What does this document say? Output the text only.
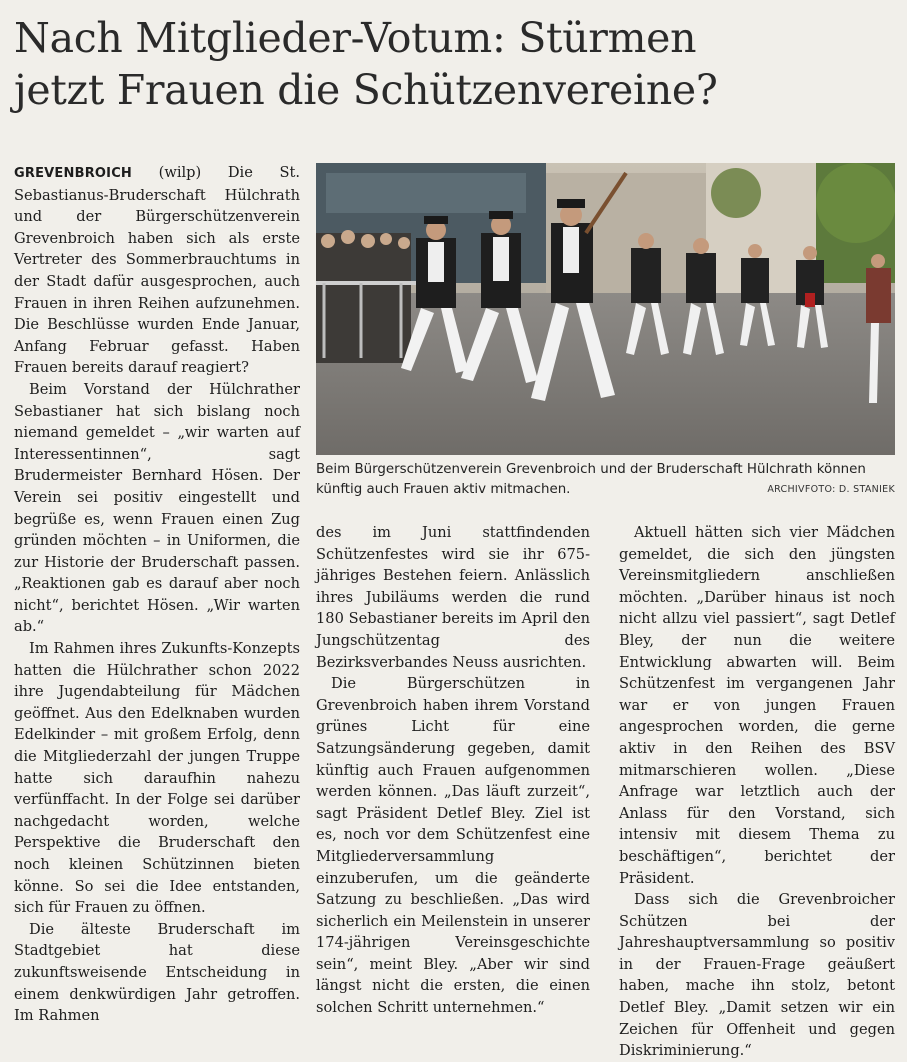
Nach Mitglieder-Votum: Stürmen
jetzt Frauen die Schützenvereine?

GREVENBROICH (wilp) Die St. Sebastianus-Bruderschaft Hülchrath und der Bürgerschützenverein Grevenbroich haben sich als erste Vertreter des Sommerbrauchtums in der Stadt dafür ausgesprochen, auch Frauen in ihren Reihen aufzunehmen. Die Beschlüsse wurden Ende Januar, Anfang Februar gefasst. Haben Frauen bereits darauf reagiert?

Beim Vorstand der Hülchrather Sebastianer hat sich bislang noch niemand gemeldet – „wir warten auf Interessentinnen“, sagt Brudermeister Bernhard Hösen. Der Verein sei positiv eingestellt und begrüße es, wenn Frauen einen Zug gründen möchten – in Uniformen, die zur Historie der Bruderschaft passen. „Reaktionen gab es darauf aber noch nicht“, berichtet Hösen. „Wir warten ab.“

Im Rahmen ihres Zukunfts-Konzepts hatten die Hülchrather schon 2022 ihre Jugendabteilung für Mädchen geöffnet. Aus den Edelknaben wurden Edelkinder – mit großem Erfolg, denn die Mitgliederzahl der jungen Truppe hatte sich daraufhin nahezu verfünffacht. In der Folge sei darüber nachgedacht worden, welche Perspektive die Bruderschaft den noch kleinen Schützinnen bieten könne. So sei die Idee entstanden, sich für Frauen zu öffnen.

Die älteste Bruderschaft im Stadtgebiet hat diese zukunftsweisende Entscheidung in einem denkwürdigen Jahr getroffen. Im Rahmen

Beim Bürgerschützenverein Grevenbroich und der Bruderschaft Hülchrath können künftig auch Frauen aktiv mitmachen.	ARCHIVFOTO: D. STANIEK

des im Juni stattfindenden Schützenfestes wird sie ihr 675-jähriges Bestehen feiern. Anlässlich ihres Jubiläums werden die rund 180 Sebastianer bereits im April den Jungschützentag des Bezirksverbandes Neuss ausrichten.

Die Bürgerschützen in Grevenbroich haben ihrem Vorstand grünes Licht für eine Satzungsänderung gegeben, damit künftig auch Frauen aufgenommen werden können. „Das läuft zurzeit“, sagt Präsident Detlef Bley. Ziel ist es, noch vor dem Schützenfest eine Mitgliederversammlung einzuberufen, um die geänderte Satzung zu beschließen. „Das wird sicherlich ein Meilenstein in unserer 174-jährigen Vereinsgeschichte sein“, meint Bley. „Aber wir sind längst nicht die ersten, die einen solchen Schritt unternehmen.“

Aktuell hätten sich vier Mädchen gemeldet, die sich den jüngsten Vereinsmitgliedern anschließen möchten. „Darüber hinaus ist noch nicht allzu viel passiert“, sagt Detlef Bley, der nun die weitere Entwicklung abwarten will. Beim Schützenfest im vergangenen Jahr war er von jungen Frauen angesprochen worden, die gerne aktiv in den Reihen des BSV mitmarschieren wollen. „Diese Anfrage war letztlich auch der Anlass für den Vorstand, sich intensiv mit diesem Thema zu beschäftigen“, berichtet der Präsident.

Dass sich die Grevenbroicher Schützen bei der Jahreshauptversammlung so positiv in der Frauen-Frage geäußert haben, mache ihn stolz, betont Detlef Bley. „Damit setzen wir ein Zeichen für Offenheit und gegen Diskriminierung.“
